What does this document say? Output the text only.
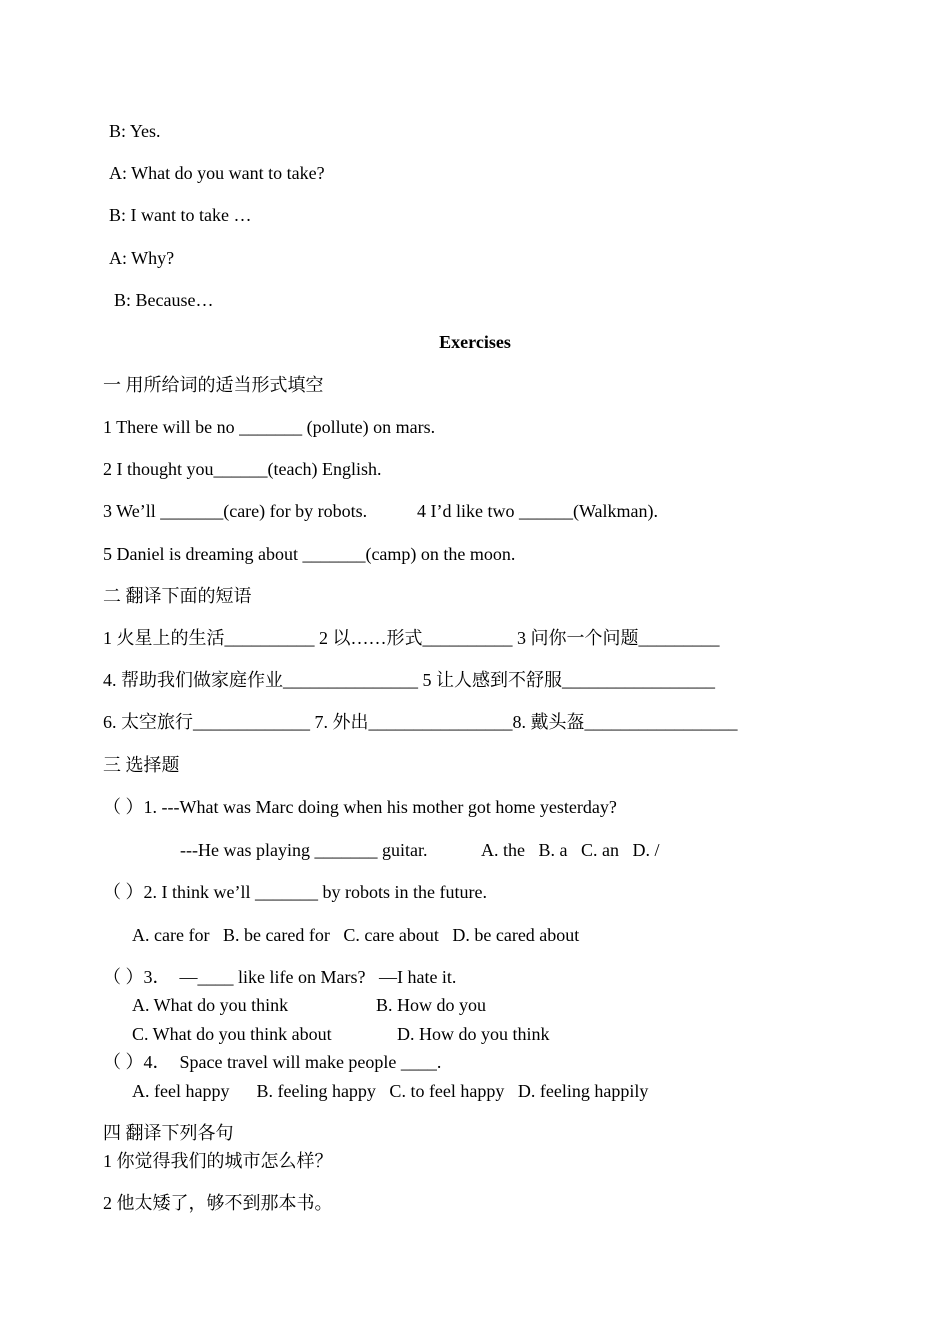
B: Yes.
A: What do you want to take?
B: I want to take …
A: Why?
B: Because…
Exercises
一 用所给词的适当形式填空
1 There will be no _______ (pollute) on mars.
2 I thought you______(teach) English.
3 We’ll _______(care) for by robots.	4 I’d like two ______(Walkman).
5 Daniel is dreaming about _______(camp) on the moon.
二 翻译下面的短语
1 火星上的生活__________ 2 以……形式__________ 3 问你一个问题_________
4. 帮助我们做家庭作业_______________ 5 让人感到不舒服_________________
6. 太空旅行_____________ 7. 外出________________8. 戴头盔_________________
三 选择题
（ ）1. ---What was Marc doing when his mother got home yesterday?
---He was playing _______ guitar.	A. the   B. a   C. an   D. /
（ ）2. I think we’ll _______ by robots in the future.
A. care for   B. be cared for   C. care about   D. be cared about
（ ）3．  —____ like life on Mars?   —I hate it.
A. What do you think	B. How do you
C. What do you think about	D. How do you think
（ ）4．  Space travel will make people ____.
A. feel happy      B. feeling happy   C. to feel happy   D. feeling happily
四 翻译下列各句
1 你觉得我们的城市怎么样？
2 他太矮了，够不到那本书。
